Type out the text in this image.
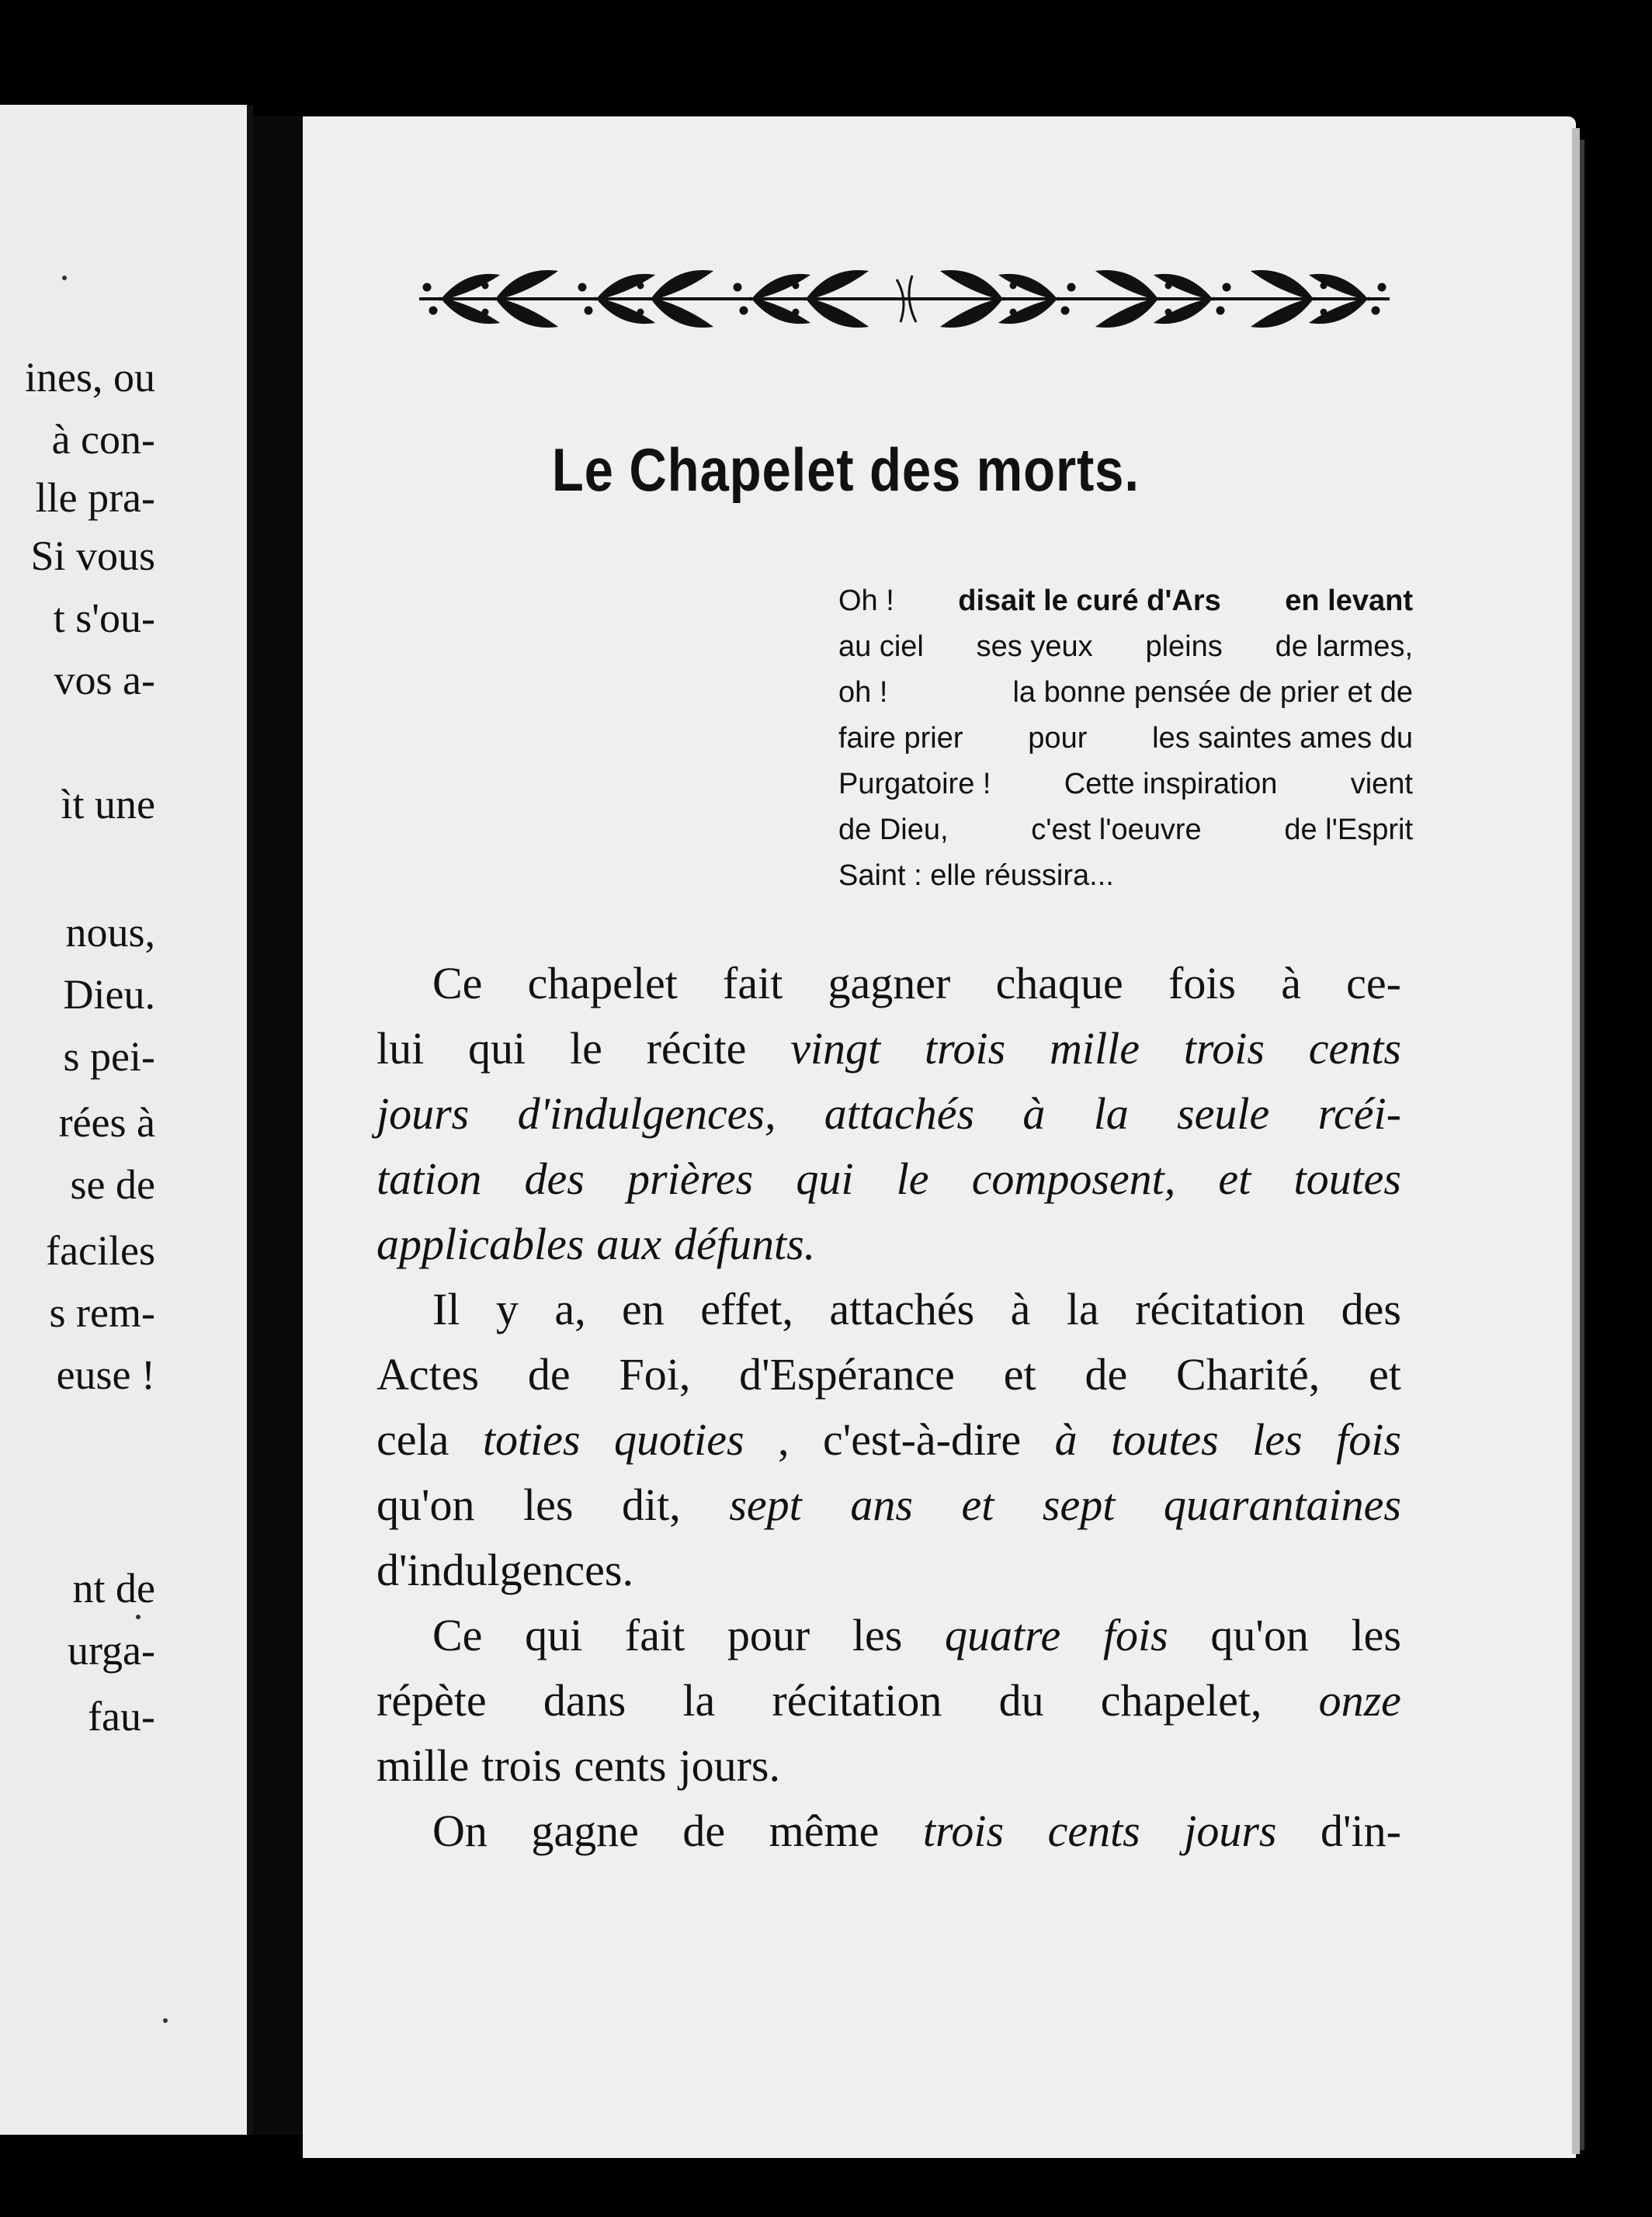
ines, ou
à con-
lle pra-
Si vous
t s'ou-
vos a-
ìt une
nous,
Dieu.
s pei-
rées à
se de
faciles
s rem-
euse !
nt de
urga-
fau-
Le Chapelet des morts.
Oh ! disait le curé d'Ars en levant
au ciel ses yeux pleins de larmes,
oh !	la bonne pensée de prier et de
faire prier pour les saintes ames du
Purgatoire ! Cette inspiration vient
de Dieu,	c'est l'oeuvre	de l'Esprit
Saint : elle réussira...
Ce chapelet fait gagner chaque fois à ce-
lui qui le récite vingt trois mille trois cents
jours d'indulgences, attachés à la seule rcéi-
tation des prières qui le composent, et toutes
applicables aux défunts.
Il y a, en effet, attachés à la récitation des
Actes de Foi, d'Espérance et de Charité, et
cela toties quoties , c'est-à-dire à toutes les fois
qu'on les dit, sept ans et sept quarantaines
d'indulgences.
Ce qui fait pour les quatre fois qu'on les
répète dans la récitation du chapelet, onze
mille trois cents jours.
On gagne de même trois cents jours d'in-
